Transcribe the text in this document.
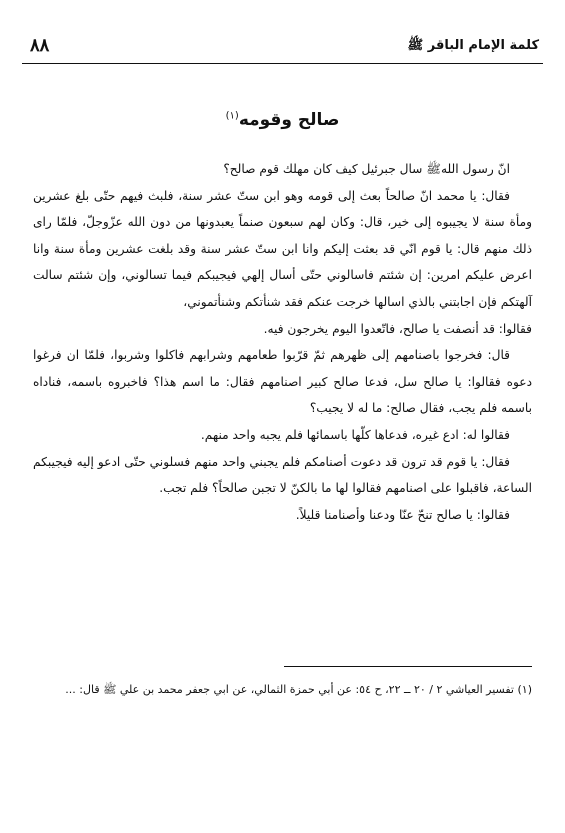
٨٨	كلمة الإمام الباقر ﷺ
صالح وقومه$^{(١)}$

انّ رسول اللهﷺ سال جبرئيل كيف كان مهلك قوم صالح؟

فقال: يا محمد انّ صالحاً بعث إلى قومه وهو ابن ستّ عشر سنة، فلبث فيهم حتّى بلغ عشرين ومأة سنة لا يجيبوه إلى خير، قال: وكان لهم سبعون صنماً يعبدونها من دون الله عزّوجلّ، فلمّا راى ذلك منهم قال: يا قوم انّي قد بعثت إليكم وانا ابن ستّ عشر سنة وقد بلغت عشرين ومأة سنة وانا اعرض عليكم امرين: إن شئتم فاسالوني حتّى أسال إلهي فيجيبكم فيما تسالوني، وإن شئتم سالت آلهتكم فإن اجابتني بالذي اسالها خرجت عنكم فقد شنأتكم وشنأتموني،

فقالوا: قد أنصفت يا صالح، فاتّعدوا اليوم يخرجون فيه.

قال: فخرجوا باصنامهم إلى ظهرهم ثمّ قرّبوا طعامهم وشرابهم فاكلوا وشربوا، فلمّا ان فرغوا دعوه فقالوا: يا صالح سل، فدعا صالح كبير اصنامهم فقال: ما اسم هذا؟ فاخبروه باسمه، فناداه باسمه فلم يجب، فقال صالح: ما له لا يجيب؟

فقالوا له: ادع غيره، فدعاها كلّها باسمائها فلم يجبه واحد منهم.

فقال: يا قوم قد ترون قد دعوت أصنامكم فلم يجبني واحد منهم فسلوني حتّى ادعو إليه فيجيبكم الساعة، فاقبلوا على اصنامهم فقالوا لها ما بالكنّ لا تجبن صالحاً؟ فلم تجب.

فقالوا: يا صالح تنحّ عنّا ودعنا وأصنامنا قليلاً.

(١) تفسير العياشي ٢ / ٢٠ ــ ٢٢، ح ٥٤: عن أبي حمزة الثمالي، عن ابي جعفر محمد بن علي ﷺ قال: ...
